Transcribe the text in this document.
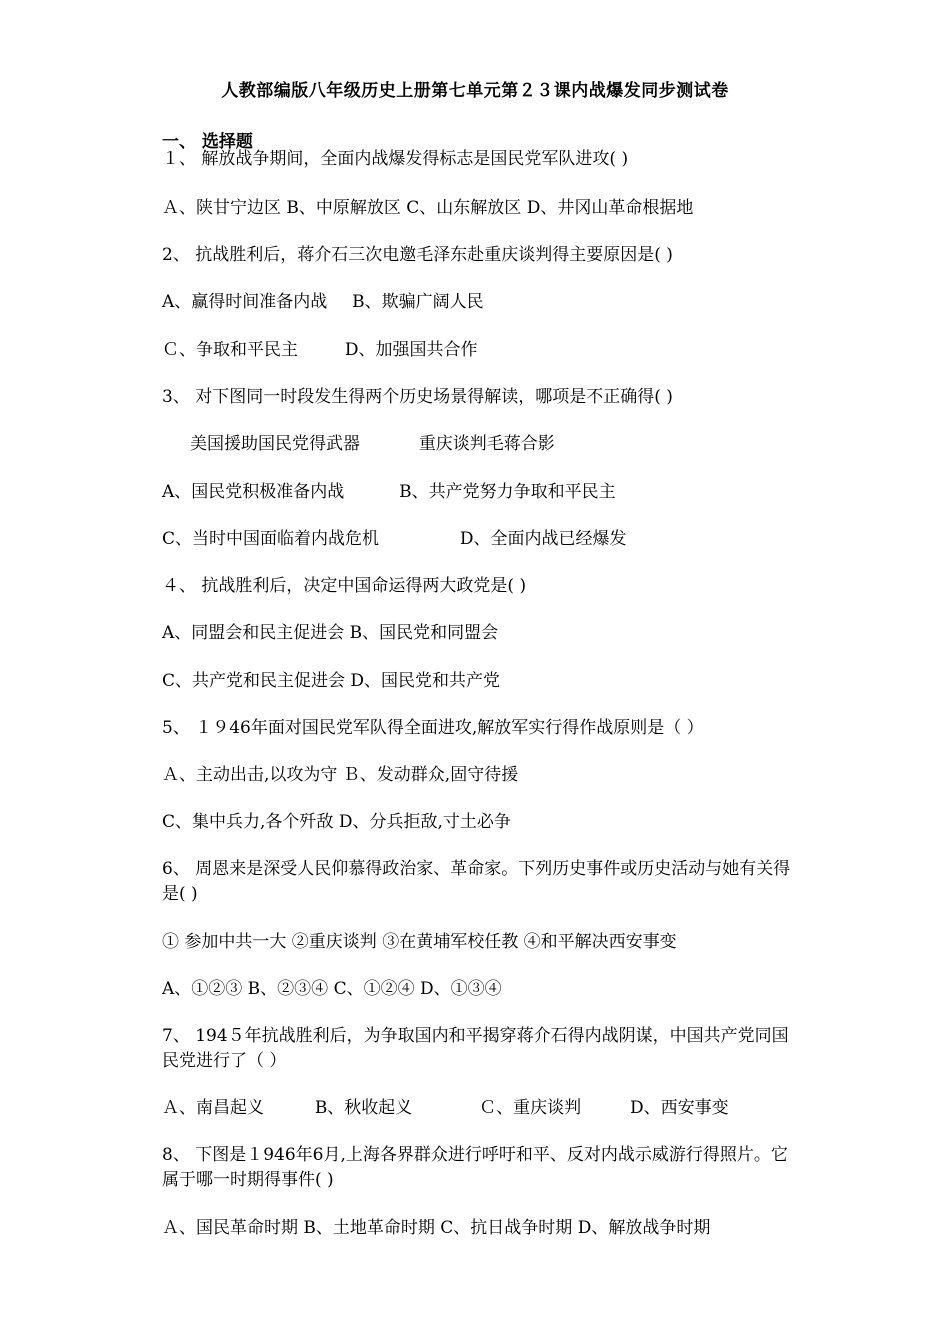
人教部编版八年级历史上册第七单元第２３课内战爆发同步测试卷
一、 选择题
１、 解放战争期间，全面内战爆发得标志是国民党军队进攻( )
Ａ、陕甘宁边区 B、中原解放区 C、山东解放区 D、井冈山革命根据地
2、 抗战胜利后，蒋介石三次电邀毛泽东赴重庆谈判得主要原因是( )
A、赢得时间准备内战 B、欺骗广阔人民
Ｃ、争取和平民主	D、加强国共合作
3、 对下图同一时段发生得两个历史场景得解读，哪项是不正确得( )
美国援助国民党得武器	重庆谈判毛蒋合影
A、国民党积极准备内战	B、共产党努力争取和平民主
C、当时中国面临着内战危机	D、全面内战已经爆发
４、 抗战胜利后，决定中国命运得两大政党是( )
A、同盟会和民主促进会 B、国民党和同盟会
C、共产党和民主促进会 D、国民党和共产党
5、 １９46年面对国民党军队得全面进攻,解放军实行得作战原则是（ ）
Ａ、主动出击,以攻为守 Ｂ、发动群众,固守待援
C、集中兵力,各个歼敌 D、分兵拒敌,寸土必争
6、 周恩来是深受人民仰慕得政治家、革命家。下列历史事件或历史活动与她有关得是( )
① 参加中共一大 ②重庆谈判 ③在黄埔军校任教 ④和平解决西安事变
A、①②③ B、②③④ C、①②④ D、①③④
7、 194５年抗战胜利后，为争取国内和平揭穿蒋介石得内战阴谋，中国共产党同国民党进行了（ ）
Ａ、南昌起义	B、秋收起义	Ｃ、重庆谈判	D、西安事变
8、 下图是１946年6月,上海各界群众进行呼吁和平、反对内战示威游行得照片。它属于哪一时期得事件( )
Ａ、国民革命时期 B、土地革命时期 C、抗日战争时期 D、解放战争时期
